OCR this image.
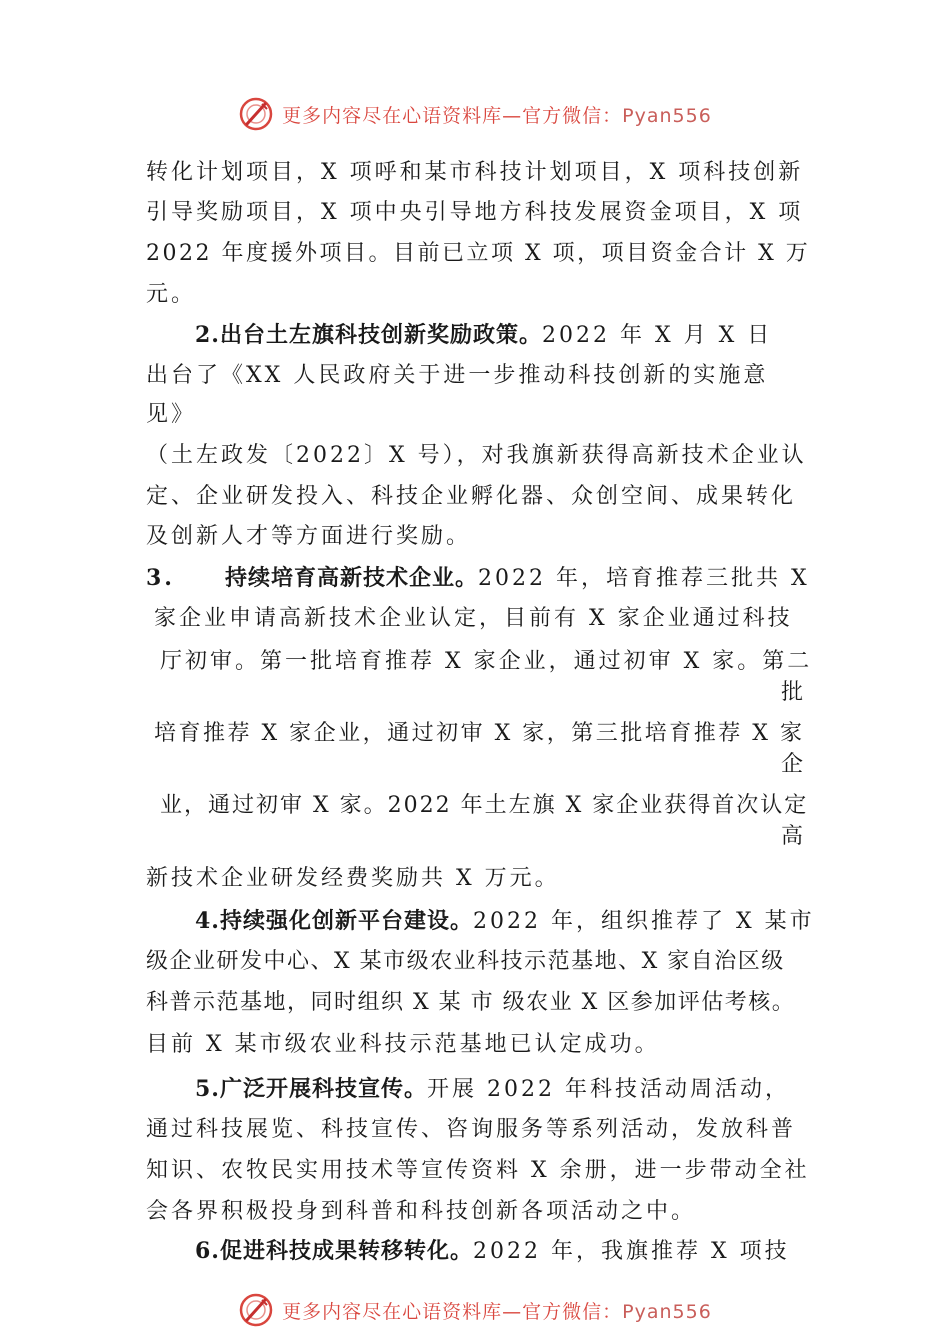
更多内容尽在心语资料库—官方微信：Pyan556
转化计划项目，X 项呼和某市科技计划项目，X 项科技创新
引导奖励项目，X 项中央引导地方科技发展资金项目，X 项
2022 年度援外项目。目前已立项 X 项，项目资金合计 X 万
元。
2.出台土左旗科技创新奖励政策。2022 年 X 月 X 日
出台了《XX 人民政府关于进一步推动科技创新的实施意
见》
（土左政发〔2022〕X 号），对我旗新获得高新技术企业认
定、企业研发投入、科技企业孵化器、众创空间、成果转化
及创新人才等方面进行奖励。
3. 持续培育高新技术企业。2022 年，培育推荐三批共 X
家企业申请高新技术企业认定，目前有 X 家企业通过科技
厅初审。第一批培育推荐 X 家企业，通过初审 X 家。第二
批
培育推荐 X 家企业，通过初审 X 家，第三批培育推荐 X 家
企
业，通过初审 X 家。2022 年土左旗 X 家企业获得首次认定
高
新技术企业研发经费奖励共 X 万元。
4.持续强化创新平台建设。2022 年，组织推荐了 X 某市
级企业研发中心、X 某市级农业科技示范基地、X 家自治区级
科普示范基地，同时组织 X 某 市 级农业 X 区参加评估考核。
目前 X 某市级农业科技示范基地已认定成功。
5.广泛开展科技宣传。开展 2022 年科技活动周活动，
通过科技展览、科技宣传、咨询服务等系列活动，发放科普
知识、农牧民实用技术等宣传资料 X 余册，进一步带动全社
会各界积极投身到科普和科技创新各项活动之中。
6.促进科技成果转移转化。2022 年，我旗推荐 X 项技
更多内容尽在心语资料库—官方微信：Pyan556
